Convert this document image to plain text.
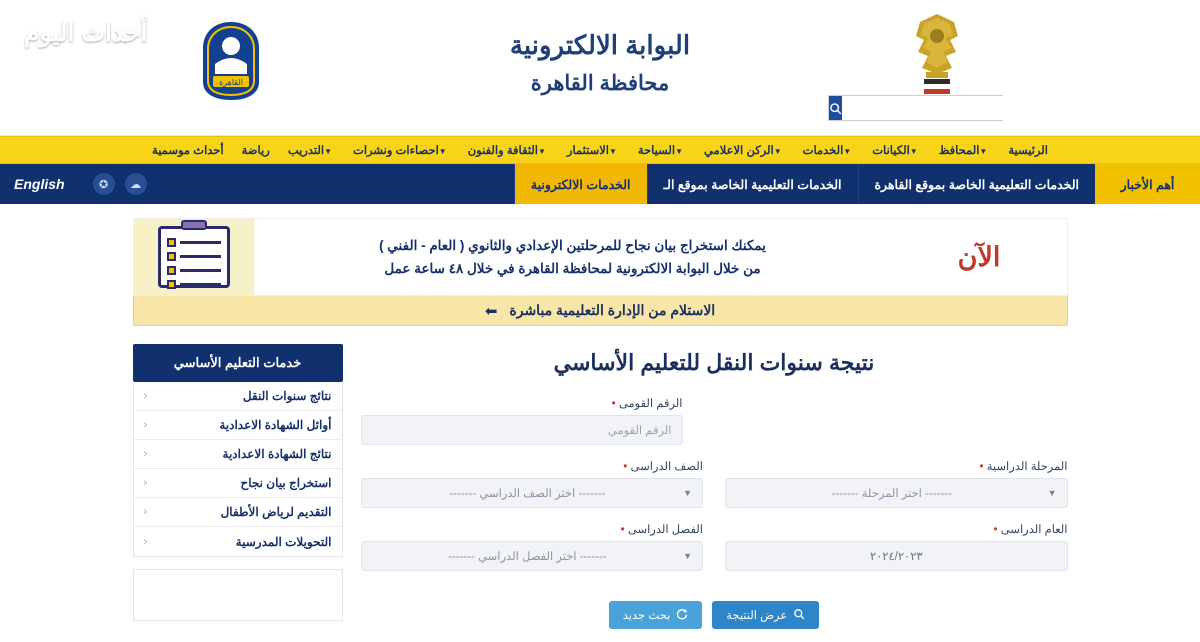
البوابة الالكترونية
محافظة القاهرة
القاهرة
أحداث اليوم
الرئيسية
▼المحافظ
▼الكيانات
▼الخدمات
▼الركن الاعلامي
▼السياحة
▼الاستثمار
▼الثقافة والفنون
▼احصاءات ونشرات
▼التدريب
رياضة
أحداث موسمية
أهم الأخبار
الخدمات التعليمية الخاصة بموقع القاهرة
الخدمات التعليمية الخاصة بموقع الـ
الخدمات الالكترونية
☁
✪
English
الآن
يمكنك استخراج بيان نجاح للمرحلتين الإعدادي والثانوي ( العام - الفني )
من خلال البوابة الالكترونية لمحافظة القاهرة في خلال ٤٨ ساعة عمل
الاستلام من الإدارة التعليمية مباشرة
⬅
نتيجة سنوات النقل للتعليم الأساسي
الرقم القومى •
الرقم القومي
المرحلة الدراسية •
▼
------- اختر المرحلة -------
الصف الدراسى •
▼
------- اختر الصف الدراسي -------
العام الدراسى •
٢٠٢٤/٢٠٢٣
الفصل الدراسى •
▼
------- اختر الفصل الدراسي -------
عرض النتيجة
بحث جديد
خدمات التعليم الأساسي
نتائج سنوات النقل
‹
أوائل الشهادة الاعدادية
‹
نتائج الشهادة الاعدادية
‹
استخراج بيان نجاح
‹
التقديم لرياض الأطفال
‹
التحويلات المدرسية
‹
